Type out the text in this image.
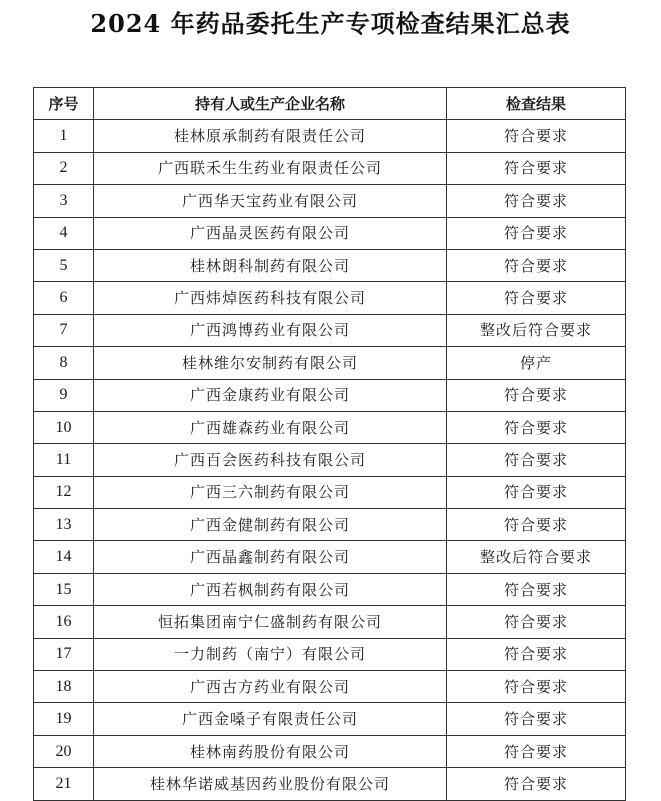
2024 年药品委托生产专项检查结果汇总表
序号	持有人或生产企业名称	检查结果
1	桂林原承制药有限责任公司	符合要求
2	广西联禾生生药业有限责任公司	符合要求
3	广西华天宝药业有限公司	符合要求
4	广西晶灵医药有限公司	符合要求
5	桂林朗科制药有限公司	符合要求
6	广西炜焯医药科技有限公司	符合要求
7	广西鸿博药业有限公司	整改后符合要求
8	桂林维尔安制药有限公司	停产
9	广西金康药业有限公司	符合要求
10	广西雄森药业有限公司	符合要求
11	广西百会医药科技有限公司	符合要求
12	广西三六制药有限公司	符合要求
13	广西金健制药有限公司	符合要求
14	广西晶鑫制药有限公司	整改后符合要求
15	广西若枫制药有限公司	符合要求
16	恒拓集团南宁仁盛制药有限公司	符合要求
17	一力制药（南宁）有限公司	符合要求
18	广西古方药业有限公司	符合要求
19	广西金嗓子有限责任公司	符合要求
20	桂林南药股份有限公司	符合要求
21	桂林华诺威基因药业股份有限公司	符合要求
